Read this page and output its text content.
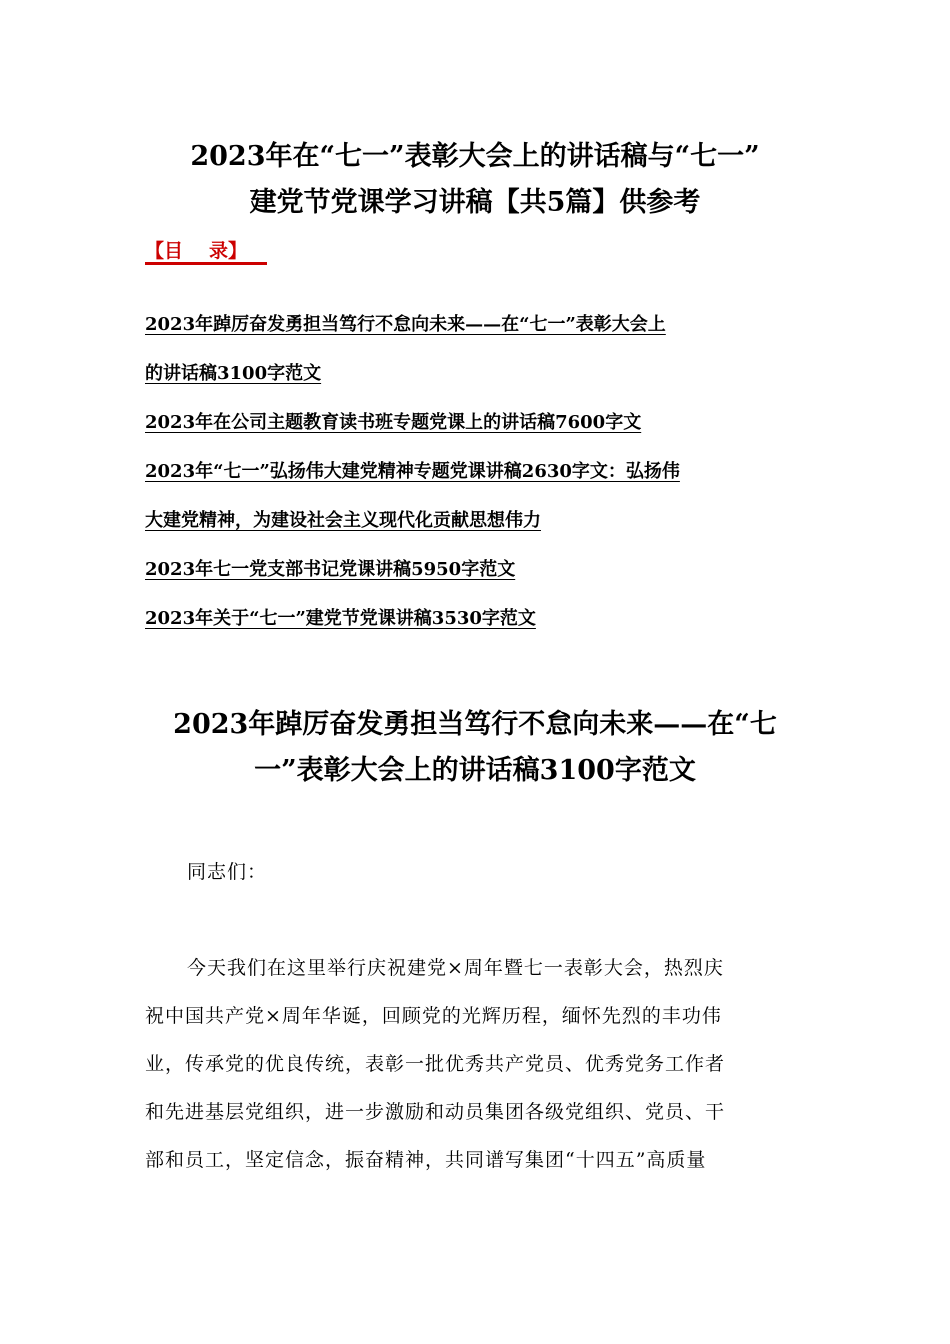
2023年在“七一”表彰大会上的讲话稿与“七一”
建党节党课学习讲稿【共5篇】供参考
【目 录】
2023年踔厉奋发勇担当笃行不怠向未来——在“七一”表彰大会上
的讲话稿3100字范文
2023年在公司主题教育读书班专题党课上的讲话稿7600字文
2023年“七一”弘扬伟大建党精神专题党课讲稿2630字文：弘扬伟
大建党精神，为建设社会主义现代化贡献思想伟力
2023年七一党支部书记党课讲稿5950字范文
2023年关于“七一”建党节党课讲稿3530字范文
2023年踔厉奋发勇担当笃行不怠向未来——在“七
一”表彰大会上的讲话稿3100字范文

同志们：

今天我们在这里举行庆祝建党×周年暨七一表彰大会，热烈庆
祝中国共产党×周年华诞，回顾党的光辉历程，缅怀先烈的丰功伟
业，传承党的优良传统，表彰一批优秀共产党员、优秀党务工作者
和先进基层党组织，进一步激励和动员集团各级党组织、党员、干
部和员工，坚定信念，振奋精神，共同谱写集团“十四五”高质量
